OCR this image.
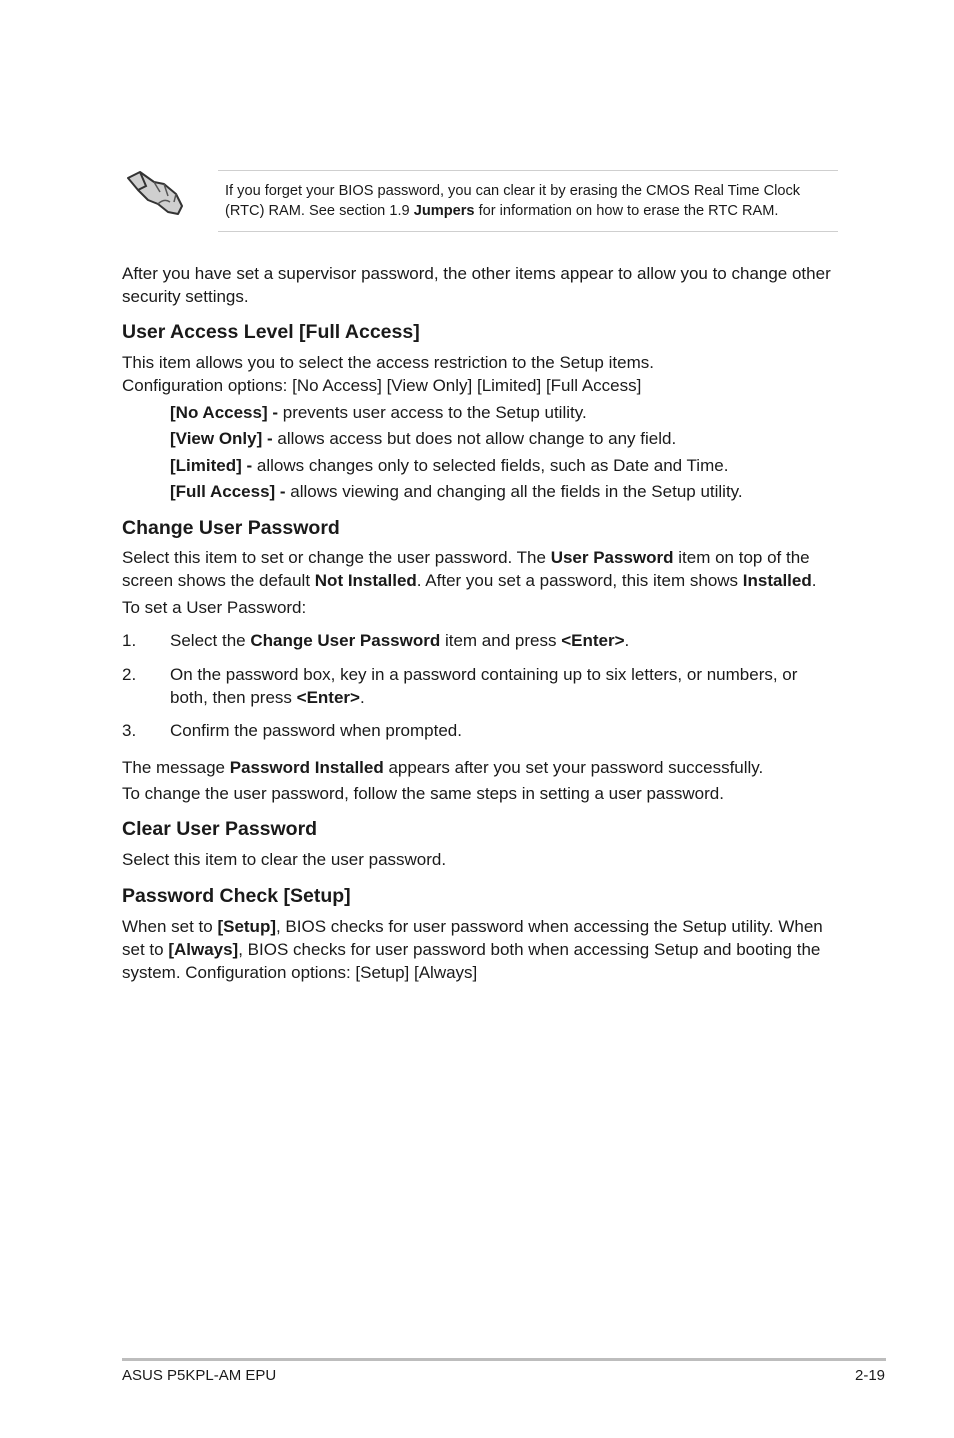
If you forget your BIOS password, you can clear it by erasing the CMOS Real Time Clock (RTC) RAM. See section 1.9 Jumpers for information on how to erase the RTC RAM.
After you have set a supervisor password, the other items appear to allow you to change other security settings.
User Access Level [Full Access]
This item allows you to select the access restriction to the Setup items.
Configuration options: [No Access] [View Only] [Limited] [Full Access]
[No Access] - prevents user access to the Setup utility.
[View Only] - allows access but does not allow change to any field.
[Limited] - allows changes only to selected fields, such as Date and Time.
[Full Access] - allows viewing and changing all the fields in the Setup utility.
Change User Password
Select this item to set or change the user password. The User Password item on top of the screen shows the default Not Installed. After you set a password, this item shows Installed.
To set a User Password:
1. Select the Change User Password item and press <Enter>.
2. On the password box, key in a password containing up to six letters, or numbers, or both, then press <Enter>.
3. Confirm the password when prompted.
The message Password Installed appears after you set your password successfully.
To change the user password, follow the same steps in setting a user password.
Clear User Password
Select this item to clear the user password.
Password Check [Setup]
When set to [Setup], BIOS checks for user password when accessing the Setup utility. When set to [Always], BIOS checks for user password both when accessing Setup and booting the system. Configuration options: [Setup] [Always]
ASUS P5KPL-AM EPU	2-19
